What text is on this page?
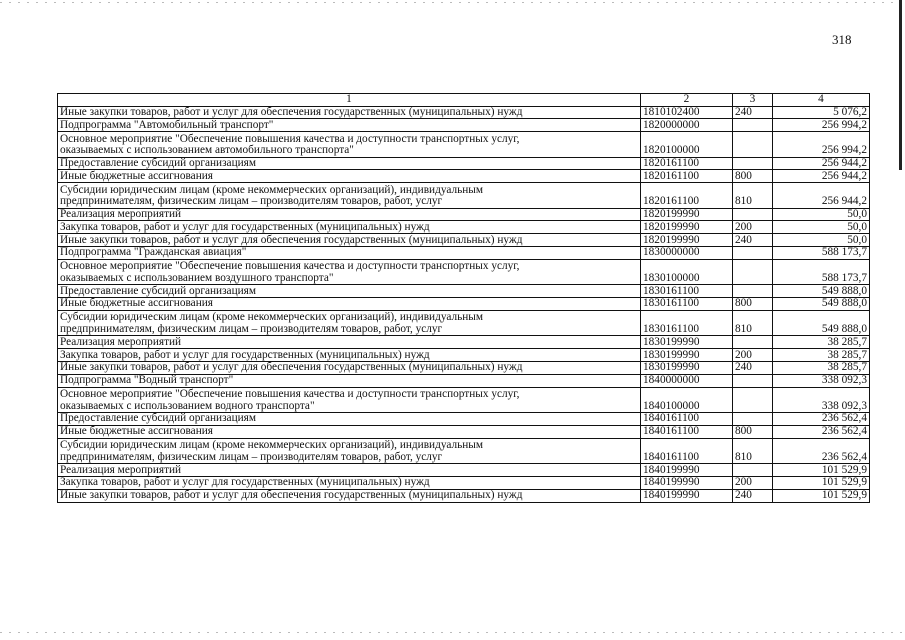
318
1	2	3	4

Иные закупки товаров, работ и услуг для обеспечения государственных (муниципальных) нужд	1810102400	240	5 076,2

Подпрограмма "Автомобильный транспорт"	1820000000		256 994,2

Основное мероприятие "Обеспечение повышения качества и доступности транспортных услуг,
оказываемых с использованием автомобильного транспорта"	1820100000		256 994,2

Предоставление субсидий организациям	1820161100		256 944,2

Иные бюджетные ассигнования	1820161100	800	256 944,2

Субсидии юридическим лицам (кроме некоммерческих организаций), индивидуальным
предпринимателям, физическим лицам – производителям товаров, работ, услуг	1820161100	810	256 944,2

Реализация мероприятий	1820199990		50,0

Закупка товаров, работ и услуг для государственных (муниципальных) нужд	1820199990	200	50,0

Иные закупки товаров, работ и услуг для обеспечения государственных (муниципальных) нужд	1820199990	240	50,0

Подпрограмма "Гражданская авиация"	1830000000		588 173,7

Основное мероприятие "Обеспечение повышения качества и доступности транспортных услуг,
оказываемых с использованием воздушного транспорта"	1830100000		588 173,7

Предоставление субсидий организациям	1830161100		549 888,0

Иные бюджетные ассигнования	1830161100	800	549 888,0

Субсидии юридическим лицам (кроме некоммерческих организаций), индивидуальным
предпринимателям, физическим лицам – производителям товаров, работ, услуг	1830161100	810	549 888,0

Реализация мероприятий	1830199990		38 285,7

Закупка товаров, работ и услуг для государственных (муниципальных) нужд	1830199990	200	38 285,7

Иные закупки товаров, работ и услуг для обеспечения государственных (муниципальных) нужд	1830199990	240	38 285,7

Подпрограмма "Водный транспорт"	1840000000		338 092,3

Основное мероприятие "Обеспечение повышения качества и доступности транспортных услуг,
оказываемых с использованием водного транспорта"	1840100000		338 092,3

Предоставление субсидий организациям	1840161100		236 562,4

Иные бюджетные ассигнования	1840161100	800	236 562,4

Субсидии юридическим лицам (кроме некоммерческих организаций), индивидуальным
предпринимателям, физическим лицам – производителям товаров, работ, услуг	1840161100	810	236 562,4

Реализация мероприятий	1840199990		101 529,9

Закупка товаров, работ и услуг для государственных (муниципальных) нужд	1840199990	200	101 529,9

Иные закупки товаров, работ и услуг для обеспечения государственных (муниципальных) нужд	1840199990	240	101 529,9
